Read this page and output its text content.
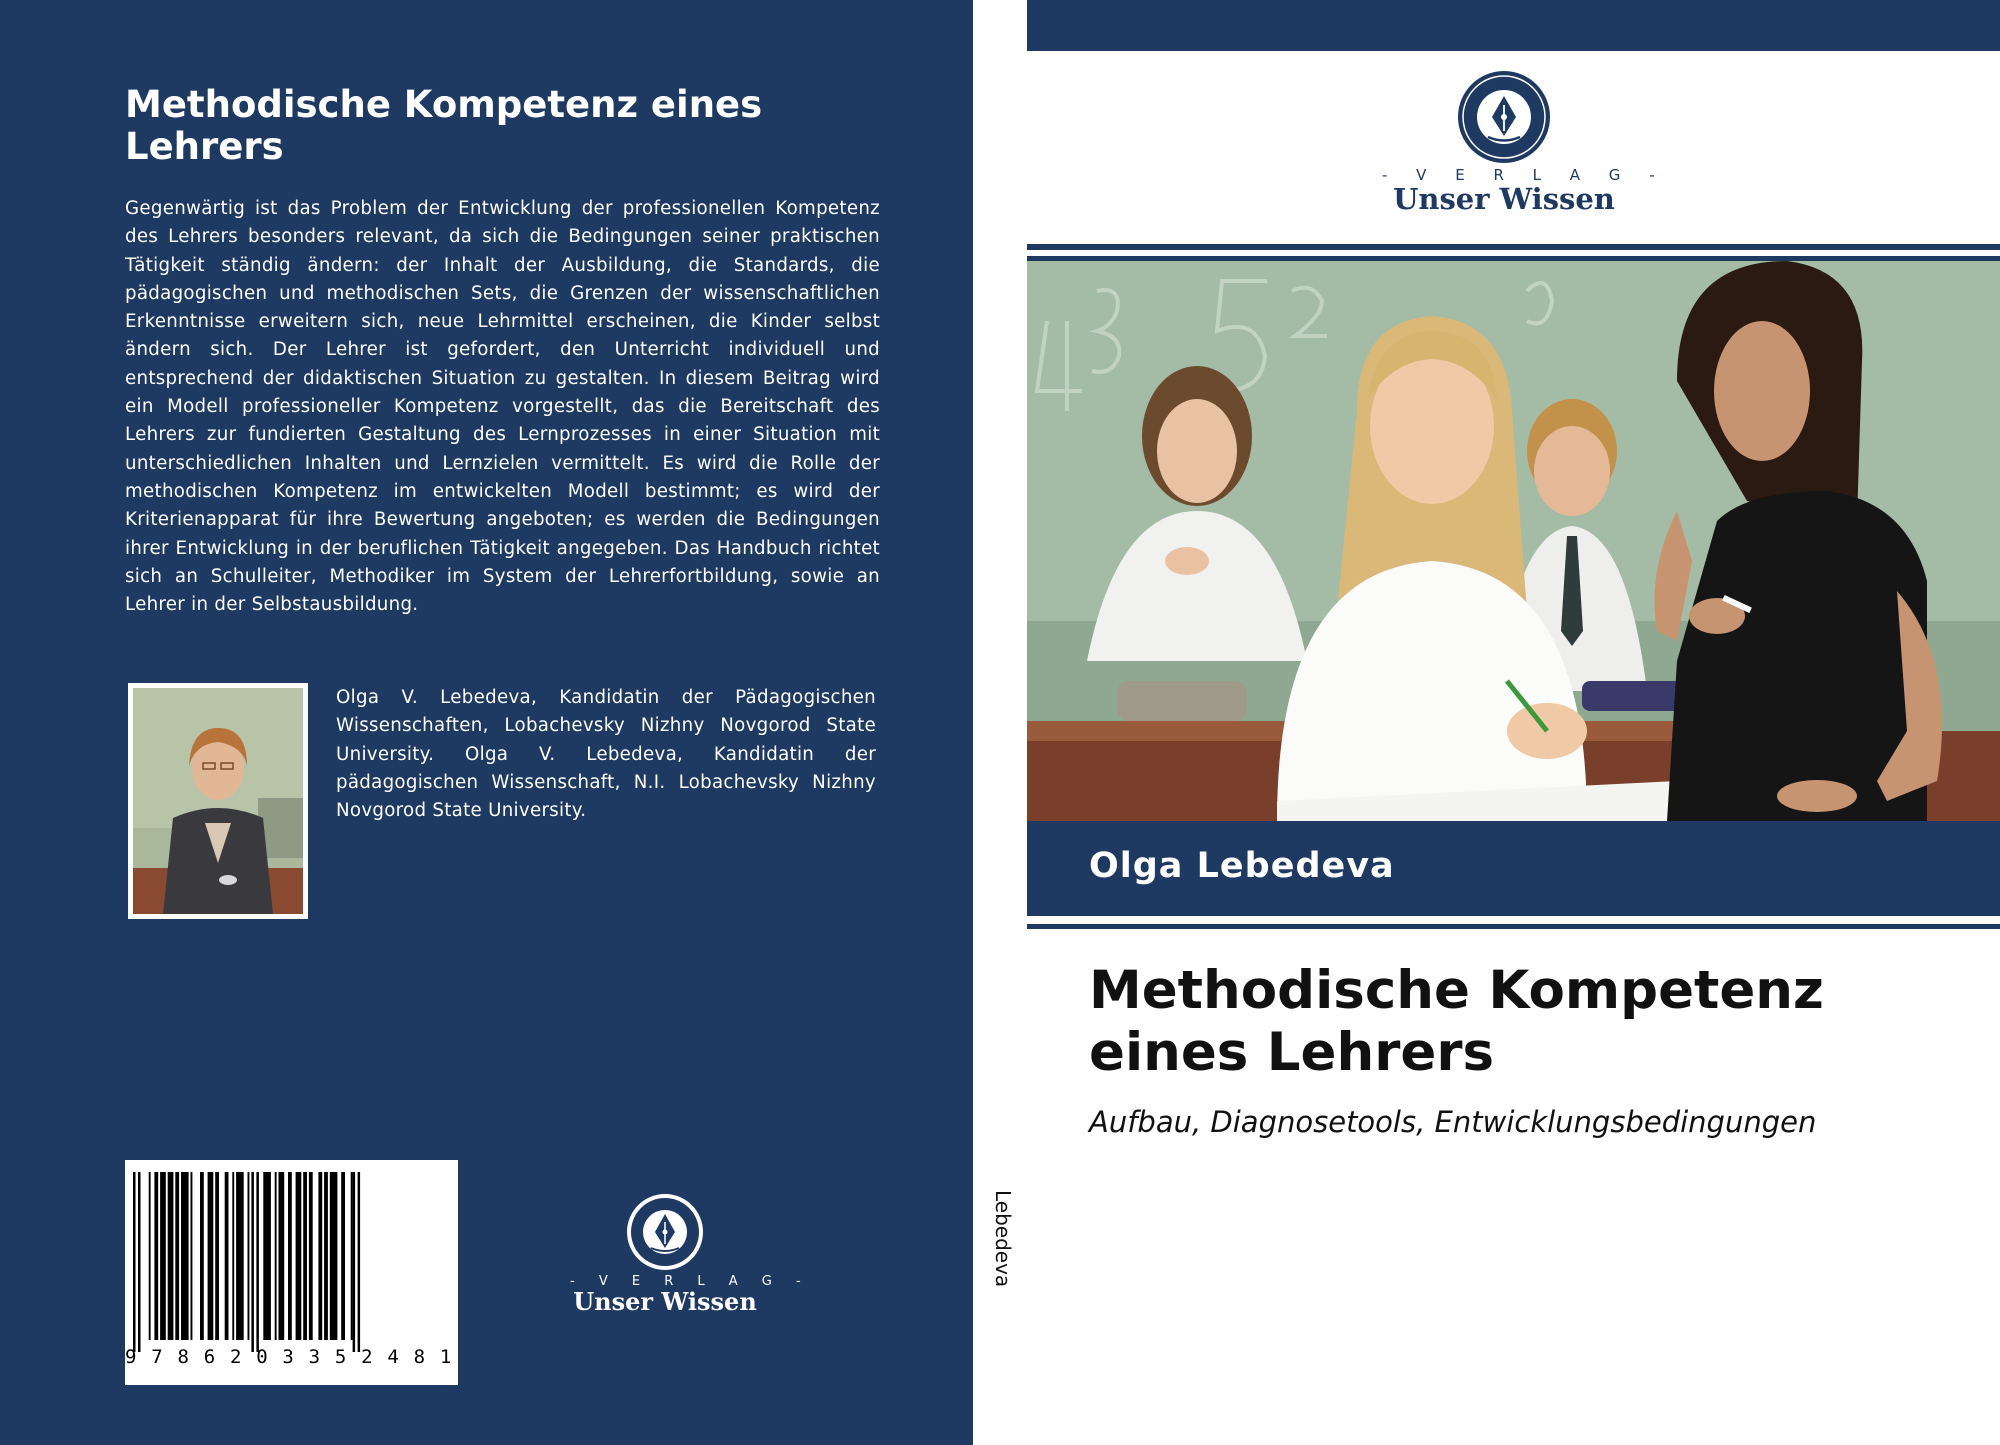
Methodische Kompetenz eines Lehrers

Gegenwärtig ist das Problem der Entwicklung der professionellen Kompetenz des Lehrers besonders relevant, da sich die Bedingungen seiner praktischen Tätigkeit ständig ändern: der Inhalt der Ausbildung, die Standards, die pädagogischen und methodischen Sets, die Grenzen der wissenschaftlichen Erkenntnisse erweitern sich, neue Lehrmittel erscheinen, die Kinder selbst ändern sich. Der Lehrer ist gefordert, den Unterricht individuell und entsprechend der didaktischen Situation zu gestalten. In diesem Beitrag wird ein Modell professioneller Kompetenz vorgestellt, das die Bereitschaft des Lehrers zur fundierten Gestaltung des Lernprozesses in einer Situation mit unterschiedlichen Inhalten und Lernzielen vermittelt. Es wird die Rolle der methodischen Kompetenz im entwickelten Modell bestimmt; es wird der Kriterienapparat für ihre Bewertung angeboten; es werden die Bedingungen ihrer Entwicklung in der beruflichen Tätigkeit angegeben. Das Handbuch richtet sich an Schulleiter, Methodiker im System der Lehrerfortbildung, sowie an Lehrer in der Selbstausbildung.

Olga V. Lebedeva, Kandidatin der Pädagogischen Wissenschaften, Lobachevsky Nizhny Novgorod State University. Olga V. Lebedeva, Kandidatin der pädagogischen Wissenschaft, N.I. Lobachevsky Nizhny Novgorod State University.

9786203352481
- V E R L A G -
Unser Wissen
Lebedeva
- V E R L A G -
Unser Wissen
Olga Lebedeva
Methodische Kompetenz eines Lehrers

Aufbau, Diagnosetools, Entwicklungsbedingungen
